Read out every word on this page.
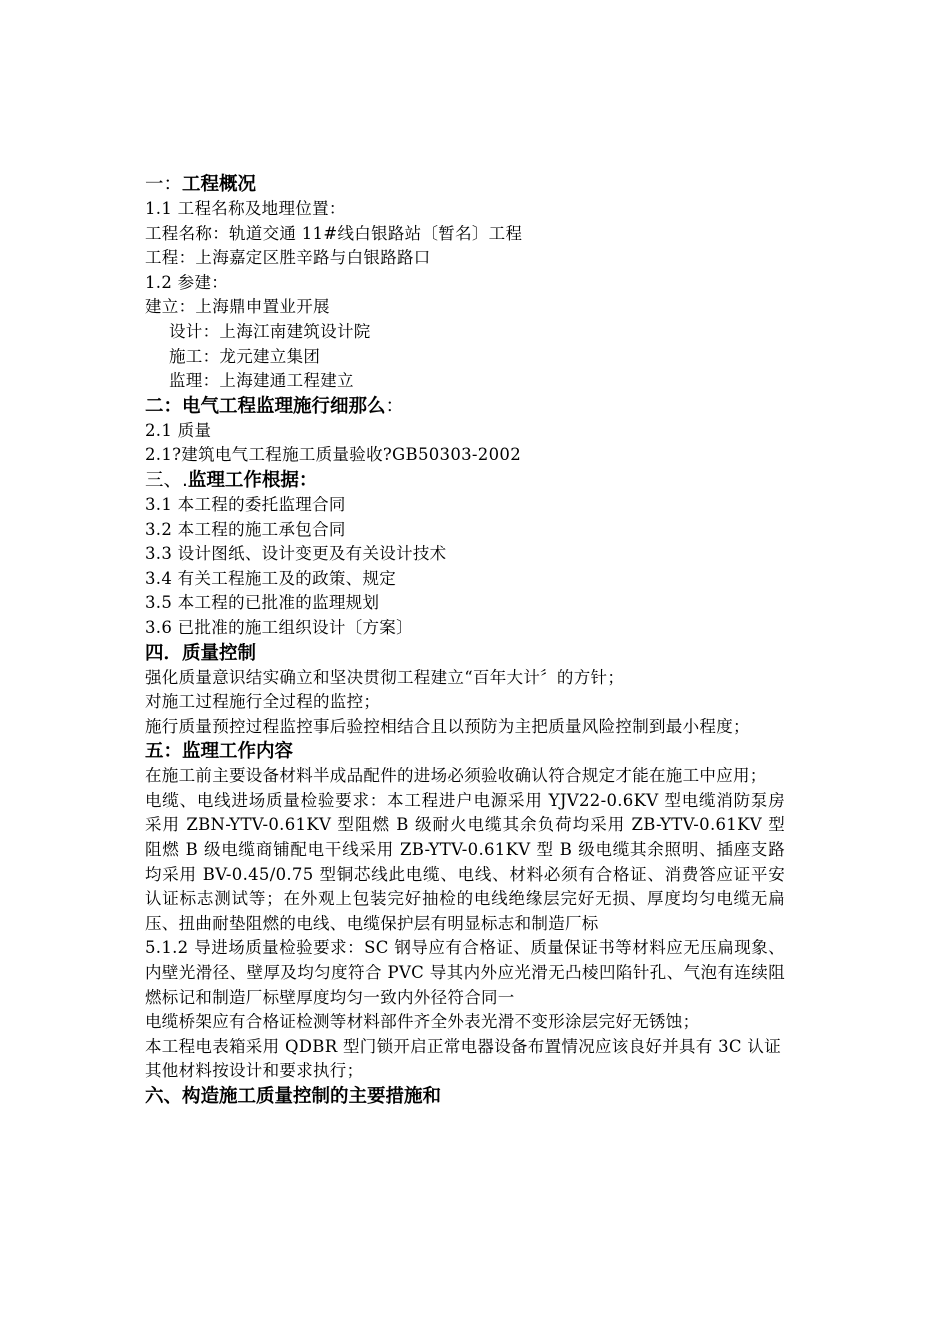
一：工程概况
1.1 工程名称及地理位置：
工程名称：轨道交通 11#线白银路站〔暂名〕工程
工程：上海嘉定区胜辛路与白银路路口
1.2 参建：
建立：上海鼎申置业开展
设计：上海江南建筑设计院
施工：龙元建立集团
监理：上海建通工程建立
二：电气工程监理施行细那么：
2.1 质量
2.1?建筑电气工程施工质量验收?GB50303-2002
三、.监理工作根据：
3.1 本工程的委托监理合同
3.2 本工程的施工承包合同
3.3 设计图纸、设计变更及有关设计技术
3.4 有关工程施工及的政策、规定
3.5 本工程的已批准的监理规划
3.6 已批准的施工组织设计〔方案〕
四．质量控制
强化质量意识结实确立和坚决贯彻工程建立“百年大计〞的方针；
对施工过程施行全过程的监控；
施行质量预控过程监控事后验控相结合且以预防为主把质量风险控制到最小程度；
五：监理工作内容
在施工前主要设备材料半成品配件的进场必须验收确认符合规定才能在施工中应用；
电缆、电线进场质量检验要求：本工程进户电源采用 YJV22-0.6KV 型电缆消防泵房采用 ZBN-YTV-0.61KV 型阻燃 B 级耐火电缆其余负荷均采用 ZB-YTV-0.61KV 型阻燃 B 级电缆商铺配电干线采用 ZB-YTV-0.61KV 型 B 级电缆其余照明、插座支路均采用 BV-0.45/0.75 型铜芯线此电缆、电线、材料必须有合格证、消费答应证平安认证标志测试等；在外观上包装完好抽检的电线绝缘层完好无损、厚度均匀电缆无扁压、扭曲耐垫阻燃的电线、电缆保护层有明显标志和制造厂标
5.1.2 导进场质量检验要求：SC 钢导应有合格证、质量保证书等材料应无压扁现象、内壁光滑径、壁厚及均匀度符合 PVC 导其内外应光滑无凸棱凹陷针孔、气泡有连续阻燃标记和制造厂标壁厚度均匀一致内外径符合同一
电缆桥架应有合格证检测等材料部件齐全外表光滑不变形涂层完好无锈蚀；
本工程电表箱采用 QDBR 型门锁开启正常电器设备布置情况应该良好并具有 3C 认证
其他材料按设计和要求执行；
六、构造施工质量控制的主要措施和
